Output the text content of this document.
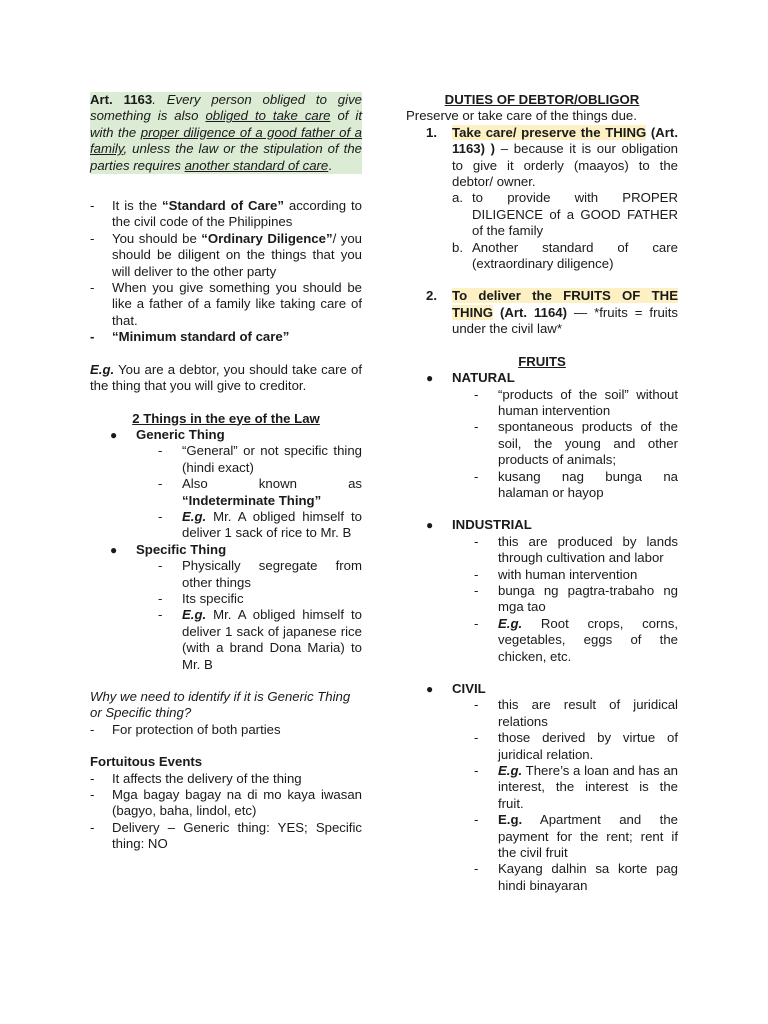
Art. 1163. Every person obliged to give something is also obliged to take care of it with the proper diligence of a good father of a family, unless the law or the stipulation of the parties requires another standard of care.

- It is the “Standard of Care” according to the civil code of the Philippines
- You should be “Ordinary Diligence”/ you should be diligent on the things that you will deliver to the other party
- When you give something you should be like a father of a family like taking care of that.
- “Minimum standard of care”

E.g. You are a debtor, you should take care of the thing that you will give to creditor.

2 Things in the eye of the Law

● Generic Thing
- “General” or not specific thing (hindi exact)
- Also known as “Indeterminate Thing”
- E.g. Mr. A obliged himself to deliver 1 sack of rice to Mr. B
● Specific Thing
- Physically segregate from other things
- Its specific
- E.g. Mr. A obliged himself to deliver 1 sack of japanese rice (with a brand Dona Maria) to Mr. B

Why we need to identify if it is Generic Thing or Specific thing?

- For protection of both parties

Fortuitous Events

- It affects the delivery of the thing
- Mga bagay bagay na di mo kaya iwasan (bagyo, baha, lindol, etc)
- Delivery – Generic thing: YES; Specific thing: NO

DUTIES OF DEBTOR/OBLIGOR

Preserve or take care of the things due.

1. Take care/ preserve the THING (Art. 1163) ) – because it is our obligation to give it orderly (maayos) to the debtor/ owner.

a. to provide with PROPER DILIGENCE of a GOOD FATHER of the family
b. Another standard of care (extraordinary diligence)
2. To deliver the FRUITS OF THE THING (Art. 1164) — *fruits = fruits under the civil law*

FRUITS

● NATURAL
- “products of the soil” without human intervention
- spontaneous products of the soil, the young and other products of animals;
- kusang nag bunga na halaman or hayop
● INDUSTRIAL
- this are produced by lands through cultivation and labor
- with human intervention
- bunga ng pagtra-trabaho ng mga tao
- E.g. Root crops, corns, vegetables, eggs of the chicken, etc.
● CIVIL
- this are result of juridical relations
- those derived by virtue of juridical relation.
- E.g. There’s a loan and has an interest, the interest is the fruit.
- E.g. Apartment and the payment for the rent; rent if the civil fruit
- Kayang dalhin sa korte pag hindi binayaran
